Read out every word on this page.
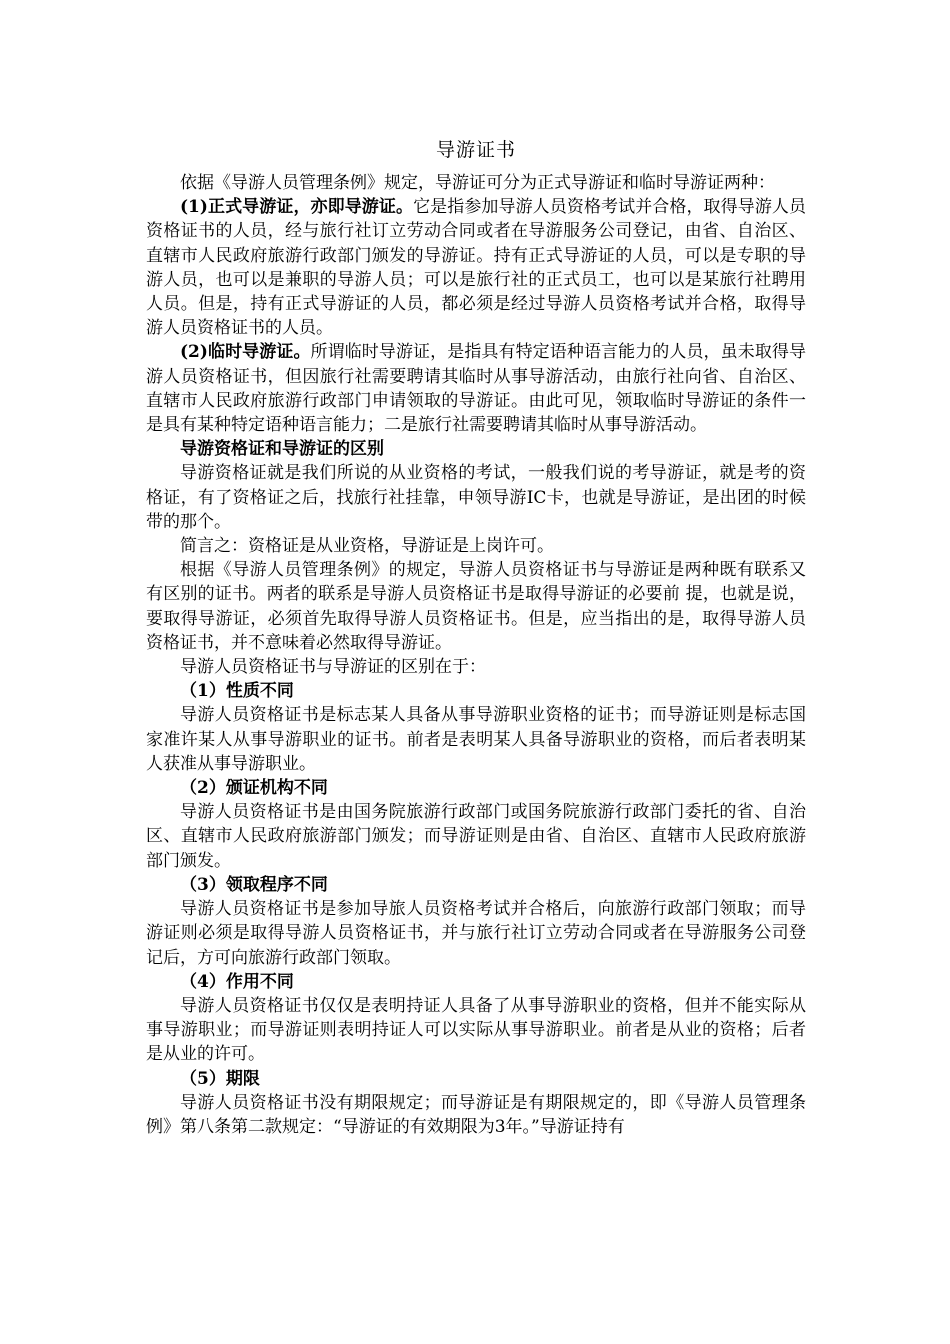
导游证书

依据《导游人员管理条例》规定，导游证可分为正式导游证和临时导游证两种：

(1)正式导游证，亦即导游证。它是指参加导游人员资格考试并合格，取得导游人员资格证书的人员，经与旅行社订立劳动合同或者在导游服务公司登记，由省、自治区、直辖市人民政府旅游行政部门颁发的导游证。持有正式导游证的人员，可以是专职的导游人员，也可以是兼职的导游人员；可以是旅行社的正式员工，也可以是某旅行社聘用人员。但是，持有正式导游证的人员，都必须是经过导游人员资格考试并合格，取得导游人员资格证书的人员。

(2)临时导游证。所谓临时导游证，是指具有特定语种语言能力的人员，虽未取得导游人员资格证书，但因旅行社需要聘请其临时从事导游活动，由旅行社向省、自治区、直辖市人民政府旅游行政部门申请领取的导游证。由此可见，领取临时导游证的条件一是具有某种特定语种语言能力；二是旅行社需要聘请其临时从事导游活动。

导游资格证和导游证的区别

导游资格证就是我们所说的从业资格的考试，一般我们说的考导游证，就是考的资格证，有了资格证之后，找旅行社挂靠，申领导游IC卡，也就是导游证，是出团的时候带的那个。

简言之：资格证是从业资格，导游证是上岗许可。

根据《导游人员管理条例》的规定，导游人员资格证书与导游证是两种既有联系又有区别的证书。两者的联系是导游人员资格证书是取得导游证的必要前 提，也就是说，要取得导游证，必须首先取得导游人员资格证书。但是，应当指出的是，取得导游人员资格证书，并不意味着必然取得导游证。

导游人员资格证书与导游证的区别在于：

（1）性质不同

导游人员资格证书是标志某人具备从事导游职业资格的证书；而导游证则是标志国家准许某人从事导游职业的证书。前者是表明某人具备导游职业的资格，而后者表明某人获准从事导游职业。

（2）颁证机构不同

导游人员资格证书是由国务院旅游行政部门或国务院旅游行政部门委托的省、自治区、直辖市人民政府旅游部门颁发；而导游证则是由省、自治区、直辖市人民政府旅游部门颁发。

（3）领取程序不同

导游人员资格证书是参加导旅人员资格考试并合格后，向旅游行政部门领取；而导游证则必须是取得导游人员资格证书，并与旅行社订立劳动合同或者在导游服务公司登记后，方可向旅游行政部门领取。

（4）作用不同

导游人员资格证书仅仅是表明持证人具备了从事导游职业的资格，但并不能实际从事导游职业；而导游证则表明持证人可以实际从事导游职业。前者是从业的资格；后者是从业的许可。

（5）期限

导游人员资格证书没有期限规定；而导游证是有期限规定的，即《导游人员管理条例》第八条第二款规定：“导游证的有效期限为3年。”导游证持有
